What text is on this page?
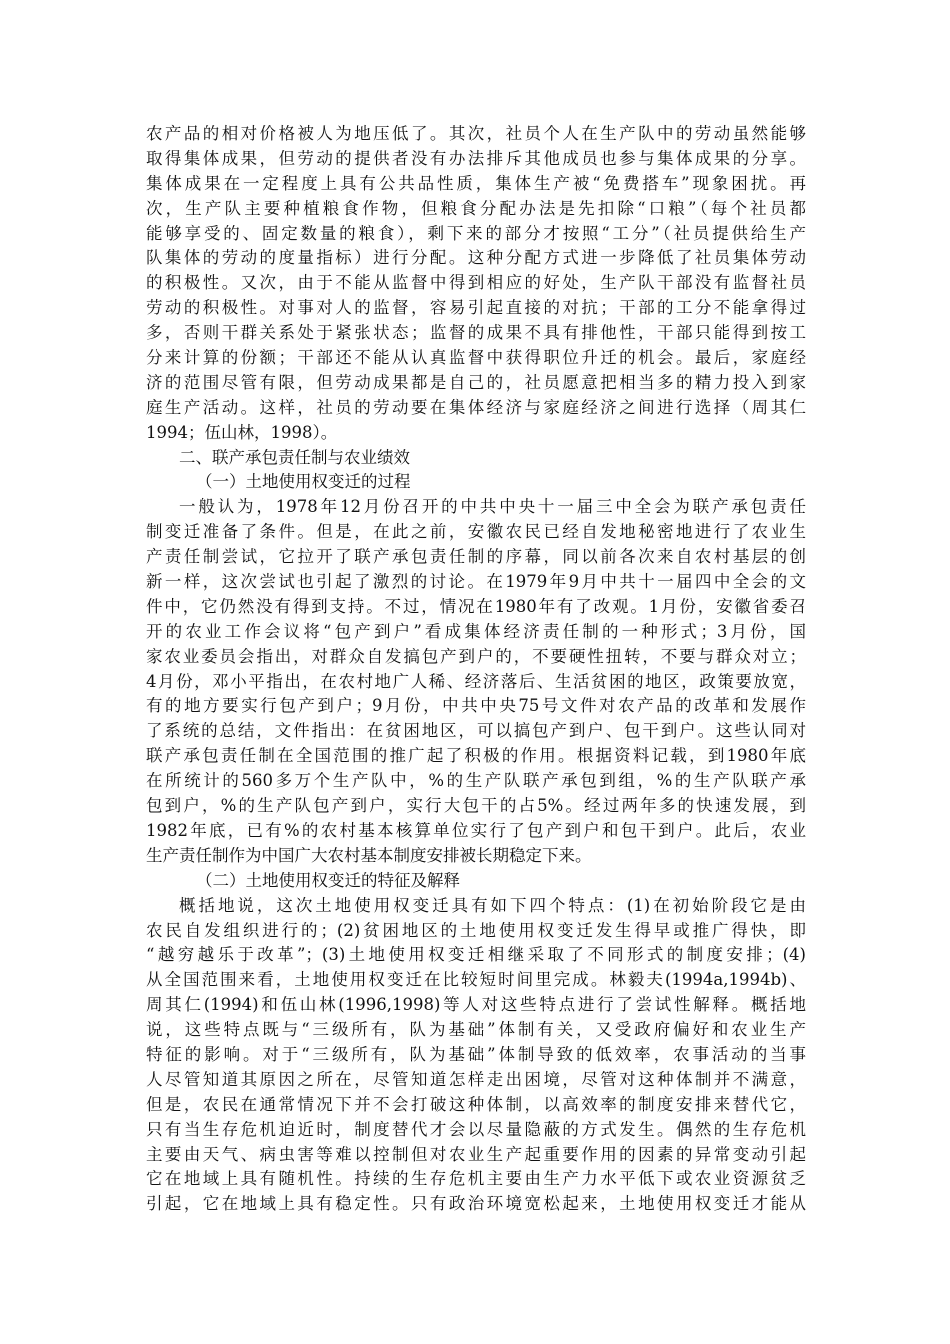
农产品的相对价格被人为地压低了。其次，社员个人在生产队中的劳动虽然能够
取得集体成果，但劳动的提供者没有办法排斥其他成员也参与集体成果的分享。
集体成果在一定程度上具有公共品性质，集体生产被“免费搭车”现象困扰。再
次，生产队主要种植粮食作物，但粮食分配办法是先扣除“口粮”（每个社员都
能够享受的、固定数量的粮食），剩下来的部分才按照“工分”（社员提供给生产
队集体的劳动的度量指标）进行分配。这种分配方式进一步降低了社员集体劳动
的积极性。又次，由于不能从监督中得到相应的好处，生产队干部没有监督社员
劳动的积极性。对事对人的监督，容易引起直接的对抗；干部的工分不能拿得过
多，否则干群关系处于紧张状态；监督的成果不具有排他性，干部只能得到按工
分来计算的份额；干部还不能从认真监督中获得职位升迁的机会。最后，家庭经
济的范围尽管有限，但劳动成果都是自己的，社员愿意把相当多的精力投入到家
庭生产活动。这样，社员的劳动要在集体经济与家庭经济之间进行选择（周其仁
1994；伍山林，1998）。

二、联产承包责任制与农业绩效

（一）土地使用权变迁的过程

一般认为，1978年12月份召开的中共中央十一届三中全会为联产承包责任
制变迁准备了条件。但是，在此之前，安徽农民已经自发地秘密地进行了农业生
产责任制尝试，它拉开了联产承包责任制的序幕，同以前各次来自农村基层的创
新一样，这次尝试也引起了激烈的讨论。在1979年9月中共十一届四中全会的文
件中，它仍然没有得到支持。不过，情况在1980年有了改观。1月份，安徽省委召
开的农业工作会议将“包产到户”看成集体经济责任制的一种形式；3月份，国
家农业委员会指出，对群众自发搞包产到户的，不要硬性扭转，不要与群众对立；
4月份，邓小平指出，在农村地广人稀、经济落后、生活贫困的地区，政策要放宽，
有的地方要实行包产到户；9月份，中共中央75号文件对农产品的改革和发展作
了系统的总结，文件指出：在贫困地区，可以搞包产到户、包干到户。这些认同对
联产承包责任制在全国范围的推广起了积极的作用。根据资料记载，到1980年底
在所统计的560多万个生产队中，%的生产队联产承包到组，%的生产队联产承
包到户，%的生产队包产到户，实行大包干的占5%。经过两年多的快速发展，到
1982年底，已有%的农村基本核算单位实行了包产到户和包干到户。此后，农业
生产责任制作为中国广大农村基本制度安排被长期稳定下来。

（二）土地使用权变迁的特征及解释

概括地说，这次土地使用权变迁具有如下四个特点：(1)在初始阶段它是由
农民自发组织进行的；(2)贫困地区的土地使用权变迁发生得早或推广得快，即
“越穷越乐于改革”；(3)土地使用权变迁相继采取了不同形式的制度安排；(4)
从全国范围来看，土地使用权变迁在比较短时间里完成。林毅夫(1994a,1994b)、
周其仁(1994)和伍山林(1996,1998)等人对这些特点进行了尝试性解释。概括地
说，这些特点既与“三级所有，队为基础”体制有关，又受政府偏好和农业生产
特征的影响。对于“三级所有，队为基础”体制导致的低效率，农事活动的当事
人尽管知道其原因之所在，尽管知道怎样走出困境，尽管对这种体制并不满意，
但是，农民在通常情况下并不会打破这种体制，以高效率的制度安排来替代它，
只有当生存危机迫近时，制度替代才会以尽量隐蔽的方式发生。偶然的生存危机
主要由天气、病虫害等难以控制但对农业生产起重要作用的因素的异常变动引起
它在地域上具有随机性。持续的生存危机主要由生产力水平低下或农业资源贫乏
引起，它在地域上具有稳定性。只有政治环境宽松起来，土地使用权变迁才能从
